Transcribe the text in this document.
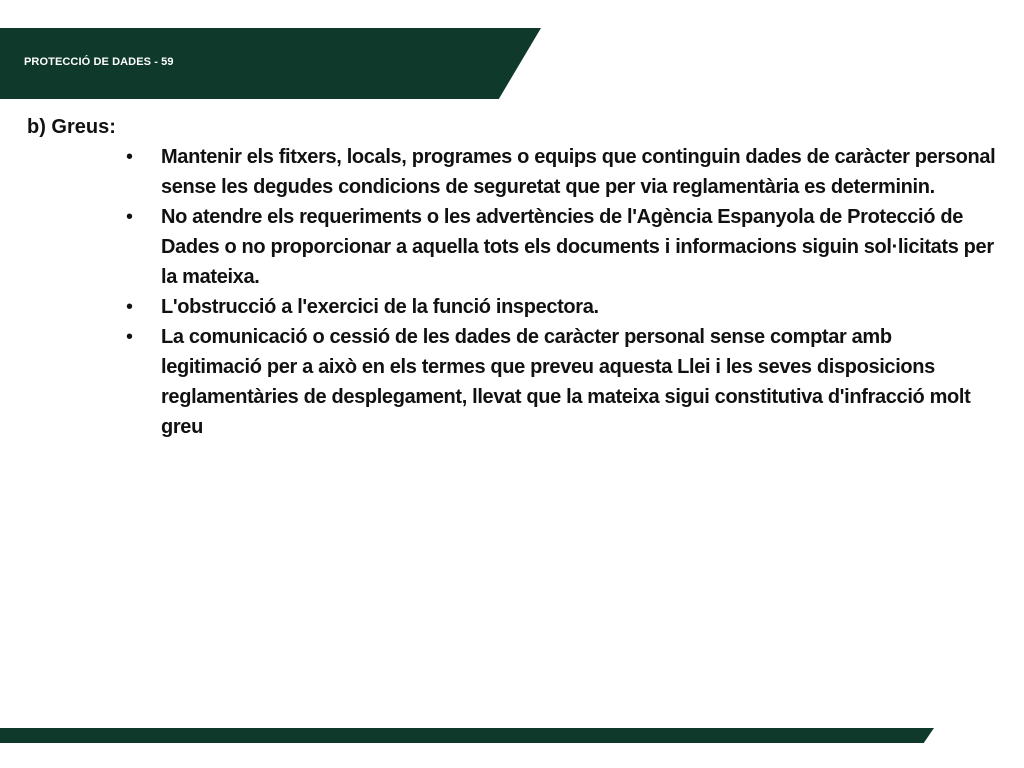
PROTECCIÓ DE DADES - 59
b) Greus:
•	Mantenir els fitxers, locals, programes o equips que continguin dades de caràcter personal sense les degudes condicions de seguretat que per via reglamentària es determinin.
•	No atendre els requeriments o les advertències de l'Agència Espanyola de Protecció de Dades o no proporcionar a aquella tots els documents i informacions siguin sol·licitats per la mateixa.
•	L'obstrucció a l'exercici de la funció inspectora.
•	La comunicació o cessió de les dades de caràcter personal sense comptar amb legitimació per a això en els termes que preveu aquesta Llei i les seves disposicions reglamentàries de desplegament, llevat que la mateixa sigui constitutiva d'infracció molt greu
